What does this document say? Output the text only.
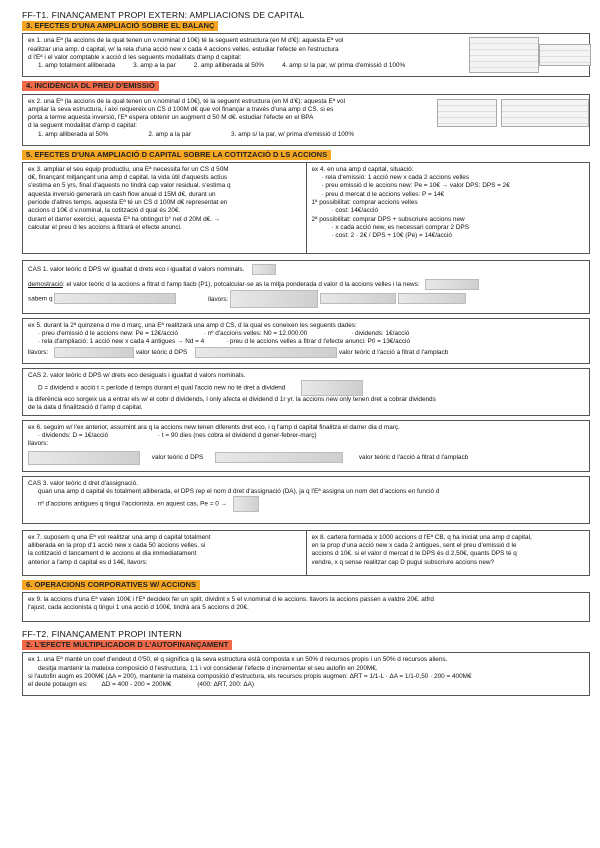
FF-T1. FINANÇAMENT PROPI EXTERN: AMPLIACIONS DE CAPITAL
3. EFECTES D'UNA AMPLIACIÓ SOBRE EL BALANÇ
ex 1. una Eª (la accions de la qual tenen un v.nominal d 10€) té la seguent estructura (en M d'€): aquesta Eª vol
realitzar una amp. d capital, w/ la rela d'una acció new x cada 4 accions velles. estudiar l'efecte en l'estructura
d l'Eª i el valor comptable x acció d les seguents modalitats d'amp d capital:
1. amp totalment alliberada	3. amp a la par	2. amp alliberada al 50%	4. amp s/ la par, w/ prima d'emissió d 100%
4. INCIDÈNCIA DL PREU D'EMISSIÓ
ex 2. una Eª (la accions de la qual tenen un v.nominal d 10€), té la seguent estructura (en M d'€): aquesta Eª vol
ampliar la seva estructura, i així requereix un CS d 100M d€ que vol finançar a través d'una amp d CS. si es
porta a terme aquesta inversió, l'Eª espera obtenir un augment d 50 M d€. estudiar l'efecte en el BPA
d la seguent modalitat d'amp d capital:
1. amp alliberada al 50%	2. amp a la par	3. amp s/ la par, w/ prima d'emissió d 100%
5. EFECTES D'UNA AMPLIACIÓ D CAPITAL SOBRE LA COTITZACIÓ D LS ACCIONS
ex 3. ampliar el seu equip productiu, una Eª necessita fer un CS d 50M
d€, finançant mitjançant una amp d capital. la vida útil d'aquests actius
s'estima en 5 yrs, final d'aquests no tindrà cap valor residual. s'estima q
aquesta inversió generarà un cash flow anual d 15M d€, durant un
període d'altres temps. aquesta Eª té un CS d 100M d€ representat en
accions d 10€ d v.nominal, la cotització d qual és 20€.
durant el darrer exercici, aquesta Eª ha obtingut b° net d 20M d€. →
calcular el preu d les accions a fitrarà el efecte anunci.
ex 4. en una amp d capital, situació:
· rela d'emissió: 1 acció new x cada 2 accions velles
· preu emissió d le accions new: Pe = 10€ → valor DPS: DPS = 2€
· preu d mercat d le accions velles: P = 14€
1ª possibilitat: comprar accions velles
· cost: 14€/acció
2ª possibilitat: comprar DPS + subscriure accions new
· x cada acció new, es necessari comprar 2 DPS
· cost: 2 · 2€ / DPS + 10€ (Pe) = 14€/acció
CAS 1. valor teòric d DPS w/ igualtat d drets eco i igualtat d valors nominals.
demostració: el valor teòric d la accions a fitrat d l'amp llacb (P1), potcalcular-se as la mitja ponderada d valor d la accions velles i la news:
sabem q	llavors:
ex 5. durant la 2ª quinzena d me d març, una Eª realitzarà una amp d CS, d la qual es coneixen les seguents dades:
· preu d'emissió d le accions new: Pe = 12€/acció	· nº d'accions velles: N0 = 12.000.00	· dividends: 1€/acció
· rela d'ampliació: 1 acció new x cada 4 antigues → Nd = 4	· preu d le accions velles a fitrar d l'efecte anunci: P0 = 13€/acció
llavors:	valor teòric d DPS	valor teòric d l'acció a fitrat d l'amplacb
CAS 2. valor teòric d DPS w/ drets eco desiguals i igualtat d valors nominals.
D = dividend x acció t = període d temps durant el qual l'acció new no té dret a dividend
la diferència eco sorgeix ua a entrar els w/ el cobr d dividends, l only afecta el dividend d 1r yr. la accions new only tenen dret a cobrar dividends
de la data d finalització d l'amp d capital.
ex 6. seguim w/ l'ex anterior, assumint ara q la accions new tenen diferents dret eco, i q l'amp d capital finalitza el darrer dia d març.
· dividends: D = 1€/acció	· t = 90 dies (nes cobra el dividend d gener-febrer-març)
llavors:
valor teòric d DPS	valor teòric d l'acció a fitrat d l'amplacb
CAS 3. valor teòric d dret d'assignació.
quan una amp d capital és totalment alliberada, el DPS rep el nom d dret d'assignació (DA), ja q l'Eª assigna un nom det d'accions en funció d
nº d'accions antigues q tingui l'accionista. en aquest cas, Pe = 0 →
ex 7. suposem q una Eª vol realitzar una amp d capital totalment
alliberada en la prop d'1 acció new x cada 50 accions velles. si
la cotització d tancament d le accions el dia immediatament
anterior a l'amp d capital es d 14€, llavors:
ex 8. cartera formada x 1000 accions d l'Eª CB, q ha iniciat una amp d capital,
en la prop d'una acció new x cada 2 antigues, sent el preu d'emissió d le
accions d 10€. si el valor d mercat d le DPS és d 2,50€, quants DPS té q
vendre, x q sense realitzar cap D pugui subscriure accions new?
6. OPERACIONS CORPORATIVES W/ ACCIONS
ex 9. la accions d'una Eª valen 100€ i l'Eª decideix fer un split, dividint x 5 el v.nominal d le accions. llavors la accions passen a valdre 20€. atfrd
l'ajust, cada accionista q tingui 1 una acció d 100€, tindrà ara 5 accions d 20€.
FF-T2. FINANÇAMENT PROPI INTERN
2. L'EFECTE MULTIPLICADOR D L'AUTOFINANÇAMENT
ex 1. una Eª manté un coef d'endeut d 0'50, el q significa q la seva estructura està composta x un 50% d recursos propis i un 50% d recursos aliens.
desitja mantenir la mateixa composició d l'estructura, 1:1 i vol considerar l'efecte d incrementar el seu autofin en 200M€.
si l'autofin augm es 200M€ (ΔA = 200), mantenir la mateixa composició d'estructura, els recursos propis augmen: ΔRT = 1/1-L · ΔA = 1/1-0,50 · 200 = 400M€
el deute potaugm es: ΔD = 400 - 200 = 200M€	(400: ΔRT, 200: ΔA)
